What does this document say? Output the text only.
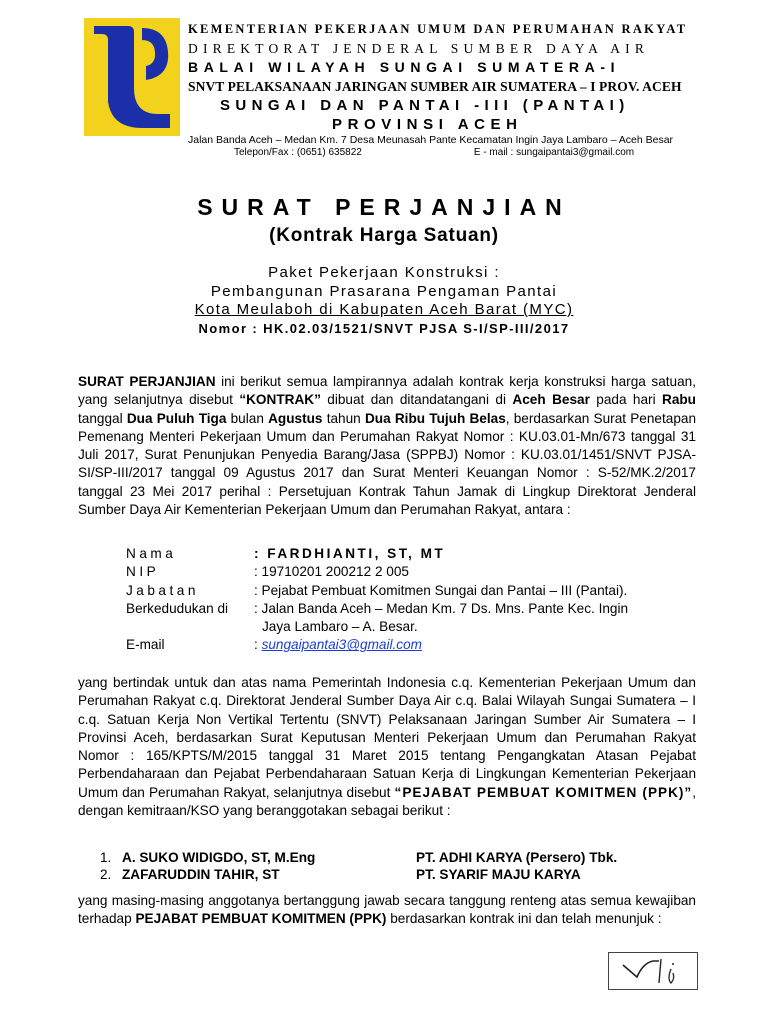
KEMENTERIAN PEKERJAAN UMUM DAN PERUMAHAN RAKYAT
DIREKTORAT JENDERAL SUMBER DAYA AIR
BALAI WILAYAH SUNGAI SUMATERA-I
SNVT PELAKSANAAN JARINGAN SUMBER AIR SUMATERA – I PROV. ACEH
SUNGAI DAN PANTAI -III (PANTAI)
PROVINSI ACEH
Jalan Banda Aceh – Medan Km. 7 Desa Meunasah Pante Kecamatan Ingin Jaya Lambaro – Aceh Besar
Telepon/Fax : (0651) 635822	E - mail : sungaipantai3@gmail.com
SURAT PERJANJIAN
(Kontrak Harga Satuan)
Paket Pekerjaan Konstruksi :
Pembangunan Prasarana Pengaman Pantai
Kota Meulaboh di Kabupaten Aceh Barat (MYC)
Nomor : HK.02.03/1521/SNVT PJSA S-I/SP-III/2017
SURAT PERJANJIAN ini berikut semua lampirannya adalah kontrak kerja konstruksi harga satuan, yang selanjutnya disebut “KONTRAK” dibuat dan ditandatangani di Aceh Besar pada hari Rabu tanggal Dua Puluh Tiga bulan Agustus tahun Dua Ribu Tujuh Belas, berdasarkan Surat Penetapan Pemenang Menteri Pekerjaan Umum dan Perumahan Rakyat Nomor : KU.03.01-Mn/673 tanggal 31 Juli 2017, Surat Penunjukan Penyedia Barang/Jasa (SPPBJ) Nomor : KU.03.01/1451/SNVT PJSA-SI/SP-III/2017 tanggal 09 Agustus 2017 dan Surat Menteri Keuangan Nomor : S-52/MK.2/2017 tanggal 23 Mei 2017 perihal : Persetujuan Kontrak Tahun Jamak di Lingkup Direktorat Jenderal Sumber Daya Air Kementerian Pekerjaan Umum dan Perumahan Rakyat, antara :
Nama	: FARDHIANTI, ST, MT
NIP	: 19710201 200212 2 005
Jabatan	: Pejabat Pembuat Komitmen Sungai dan Pantai – III (Pantai).
Berkedudukan di	: Jalan Banda Aceh – Medan Km. 7 Ds. Mns. Pante Kec. Ingin
Jaya Lambaro – A. Besar.
E-mail	: sungaipantai3@gmail.com
yang bertindak untuk dan atas nama Pemerintah Indonesia c.q. Kementerian Pekerjaan Umum dan Perumahan Rakyat c.q. Direktorat Jenderal Sumber Daya Air c.q. Balai Wilayah Sungai Sumatera – I c.q. Satuan Kerja Non Vertikal Tertentu (SNVT) Pelaksanaan Jaringan Sumber Air Sumatera – I Provinsi Aceh, berdasarkan Surat Keputusan Menteri Pekerjaan Umum dan Perumahan Rakyat Nomor : 165/KPTS/M/2015 tanggal 31 Maret 2015 tentang Pengangkatan Atasan Pejabat Perbendaharaan dan Pejabat Perbendaharaan Satuan Kerja di Lingkungan Kementerian Pekerjaan Umum dan Perumahan Rakyat, selanjutnya disebut “PEJABAT PEMBUAT KOMITMEN (PPK)”, dengan kemitraan/KSO yang beranggotakan sebagai berikut :
1. A. SUKO WIDIGDO, ST, M.Eng	PT. ADHI KARYA (Persero) Tbk.
2. ZAFARUDDIN TAHIR, ST	PT. SYARIF MAJU KARYA
yang masing-masing anggotanya bertanggung jawab secara tanggung renteng atas semua kewajiban terhadap PEJABAT PEMBUAT KOMITMEN (PPK) berdasarkan kontrak ini dan telah menunjuk :
